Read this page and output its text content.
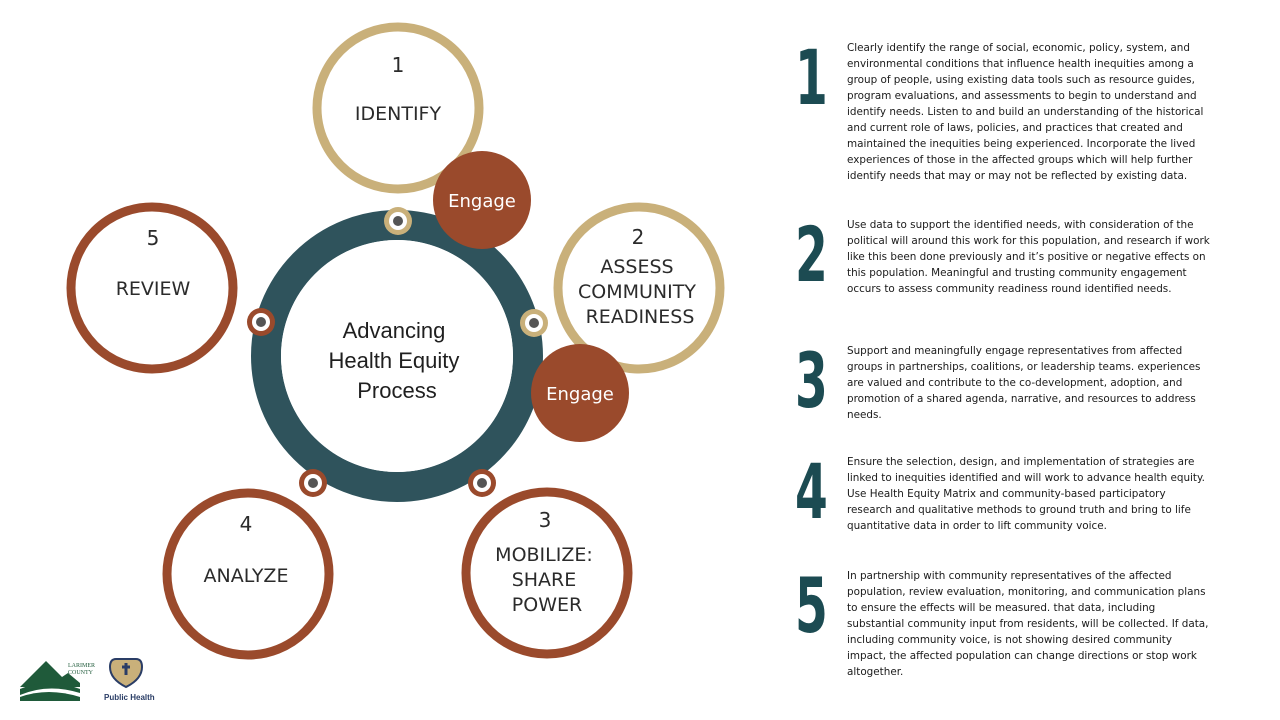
Advancing Health Equity Process
1
IDENTIFY
2
ASSESS COMMUNITY READINESS
3
MOBILIZE: SHARE POWER
4
ANALYZE
5
REVIEW
Engage
Engage
1 Clearly identify the range of social, economic, policy, system, and environmental conditions that influence health inequities among a group of people, using existing data tools such as resource guides, program evaluations, and assessments to begin to understand and identify needs. Listen to and build an understanding of the historical and current role of laws, policies, and practices that created and maintained the inequities being experienced. Incorporate the lived experiences of those in the affected groups which will help further identify needs that may or may not be reflected by existing data.
2 Use data to support the identified needs, with consideration of the political will around this work for this population, and research if work like this been done previously and it’s positive or negative effects on this population. Meaningful and trusting community engagement occurs to assess community readiness round identified needs.
3 Support and meaningfully engage representatives from affected groups in partnerships, coalitions, or leadership teams. experiences are valued and contribute to the co-development, adoption, and promotion of a shared agenda, narrative, and resources to address needs.
4 Ensure the selection, design, and implementation of strategies are linked to inequities identified and will work to advance health equity. Use Health Equity Matrix and community-based participatory research and qualitative methods to ground truth and bring to life quantitative data in order to lift community voice.
5 In partnership with community representatives of the affected population, review evaluation, monitoring, and communication plans to ensure the effects will be measured. that data, including substantial community input from residents, will be collected. If data, including community voice, is not showing desired community impact, the affected population can change directions or stop work altogether.
LARIMER
COUNTY
Public Health
